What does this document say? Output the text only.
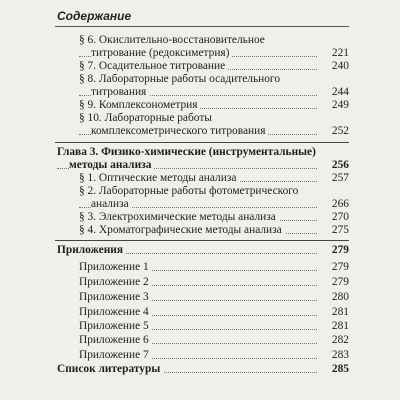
Содержание
§ 6. Окислительно-восстановительное
титрование (редоксиметрия)	221
§ 7. Осадительное титрование	240
§ 8. Лабораторные работы осадительного
титрования	244
§ 9. Комплексонометрия	249
§ 10. Лабораторные работы
комплексометрического титрования	252
Глава 3. Физико-химические (инструментальные)
методы анализа	256
§ 1. Оптические методы анализа	257
§ 2. Лабораторные работы фотометрического
анализа	266
§ 3. Электрохимические методы анализа	270
§ 4. Хроматографические методы анализа	275
Приложения	279
Приложение 1	279
Приложение 2	279
Приложение 3	280
Приложение 4	281
Приложение 5	281
Приложение 6	282
Приложение 7	283
Список литературы	285
